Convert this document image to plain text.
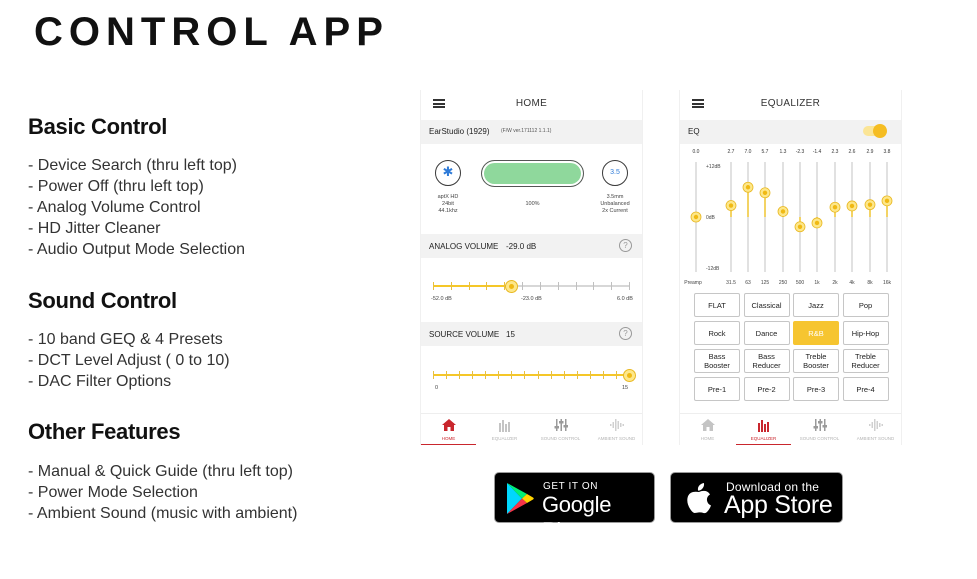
CONTROL APP
Basic Control
- Device Search (thru left top)
- Power Off (thru left top)
- Analog Volume Control
- HD Jitter Cleaner
- Audio Output Mode Selection
Sound Control
- 10 band GEQ & 4 Presets
- DCT Level Adjust ( 0 to 10)
- DAC Filter Options
Other Features
- Manual & Quick Guide (thru left top)
- Power Mode Selection
- Ambient Sound (music with ambient)
HOME
EarStudio (1929) (F/W ver.171112 1.1.1)
✱
aptX HD
24bit
44.1khz
100%
3.5
3.5mm
Unbalanced
2x Current
ANALOG VOLUME -29.0 dB
?
-52.0 dB	-23.0 dB	6.0 dB
SOURCE VOLUME 15
?
0	15
HOME	EQUALIZER	SOUND CONTROL	AMBIENT SOUND
EQUALIZER
EQ
+12dB
0dB
-12dB
0.0
Preamp
2.7
31.5
7.0
63
5.7
125
1.3
250
-2.3
500
-1.4
1k
2.3
2k
2.6
4k
2.9
8k
3.8
16k
FLAT	Classical	Jazz	Pop
Rock	Dance	R&B	Hip-Hop
Bass
Booster
Bass
Reducer
Treble
Booster
Treble
Reducer
Pre-1	Pre-2	Pre-3	Pre-4
HOME	EQUALIZER	SOUND CONTROL	AMBIENT SOUND
GET IT ON
Google Play
Download on the
App Store
